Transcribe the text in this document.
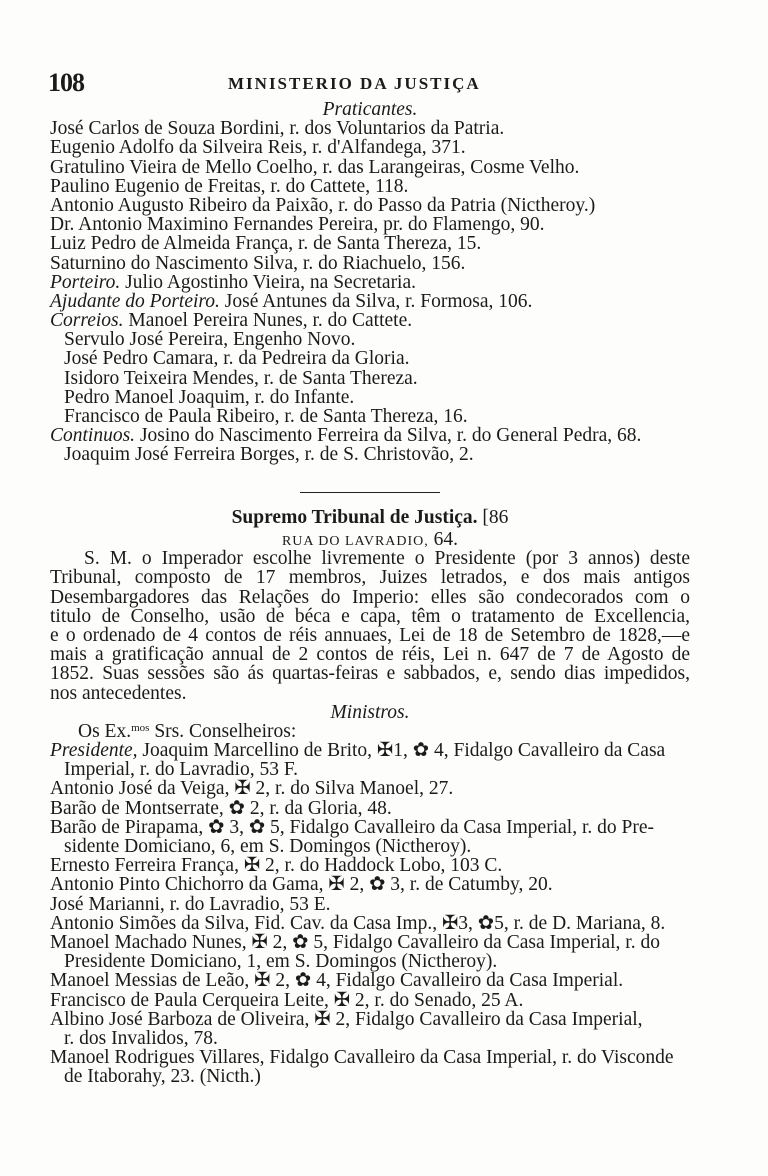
108	MINISTERIO DA JUSTIÇA
Praticantes.
José Carlos de Souza Bordini, r. dos Voluntarios da Patria.
Eugenio Adolfo da Silveira Reis, r. d'Alfandega, 371.
Gratulino Vieira de Mello Coelho, r. das Larangeiras, Cosme Velho.
Paulino Eugenio de Freitas, r. do Cattete, 118.
Antonio Augusto Ribeiro da Paixão, r. do Passo da Patria (Nictheroy.)
Dr. Antonio Maximino Fernandes Pereira, pr. do Flamengo, 90.
Luiz Pedro de Almeida França, r. de Santa Thereza, 15.
Saturnino do Nascimento Silva, r. do Riachuelo, 156.
Porteiro. Julio Agostinho Vieira, na Secretaria.
Ajudante do Porteiro. José Antunes da Silva, r. Formosa, 106.
Correios. Manoel Pereira Nunes, r. do Cattete.
Servulo José Pereira, Engenho Novo.
José Pedro Camara, r. da Pedreira da Gloria.
Isidoro Teixeira Mendes, r. de Santa Thereza.
Pedro Manoel Joaquim, r. do Infante.
Francisco de Paula Ribeiro, r. de Santa Thereza, 16.
Continuos. Josino do Nascimento Ferreira da Silva, r. do General Pedra, 68.
Joaquim José Ferreira Borges, r. de S. Christovão, 2.
Supremo Tribunal de Justiça. [86
RUA DO LAVRADIO, 64.
S. M. o Imperador escolhe livremente o Presidente (por 3 annos) deste
Tribunal, composto de 17 membros, Juizes letrados, e dos mais antigos
Desembargadores das Relações do Imperio: elles são condecorados com o
titulo de Conselho, usão de béca e capa, têm o tratamento de Excellencia,
e o ordenado de 4 contos de réis annuaes, Lei de 18 de Setembro de 1828,—e
mais a gratificação annual de 2 contos de réis, Lei n. 647 de 7 de Agosto de
1852. Suas sessões são ás quartas-feiras e sabbados, e, sendo dias impedidos,
nos antecedentes.
Ministros.
Os Ex.$^{mos}$ Srs. Conselheiros:
Presidente, Joaquim Marcellino de Brito, ✠1, ✿ 4, Fidalgo Cavalleiro da Casa
Imperial, r. do Lavradio, 53 F.
Antonio José da Veiga, ✠ 2, r. do Silva Manoel, 27.
Barão de Montserrate, ✿ 2, r. da Gloria, 48.
Barão de Pirapama, ✿ 3, ✿ 5, Fidalgo Cavalleiro da Casa Imperial, r. do Pre-
sidente Domiciano, 6, em S. Domingos (Nictheroy).
Ernesto Ferreira França, ✠ 2, r. do Haddock Lobo, 103 C.
Antonio Pinto Chichorro da Gama, ✠ 2, ✿ 3, r. de Catumby, 20.
José Marianni, r. do Lavradio, 53 E.
Antonio Simões da Silva, Fid. Cav. da Casa Imp., ✠3, ✿5, r. de D. Mariana, 8.
Manoel Machado Nunes, ✠ 2, ✿ 5, Fidalgo Cavalleiro da Casa Imperial, r. do
Presidente Domiciano, 1, em S. Domingos (Nictheroy).
Manoel Messias de Leão, ✠ 2, ✿ 4, Fidalgo Cavalleiro da Casa Imperial.
Francisco de Paula Cerqueira Leite, ✠ 2, r. do Senado, 25 A.
Albino José Barboza de Oliveira, ✠ 2, Fidalgo Cavalleiro da Casa Imperial,
r. dos Invalidos, 78.
Manoel Rodrigues Villares, Fidalgo Cavalleiro da Casa Imperial, r. do Visconde
de Itaborahy, 23. (Nicth.)
